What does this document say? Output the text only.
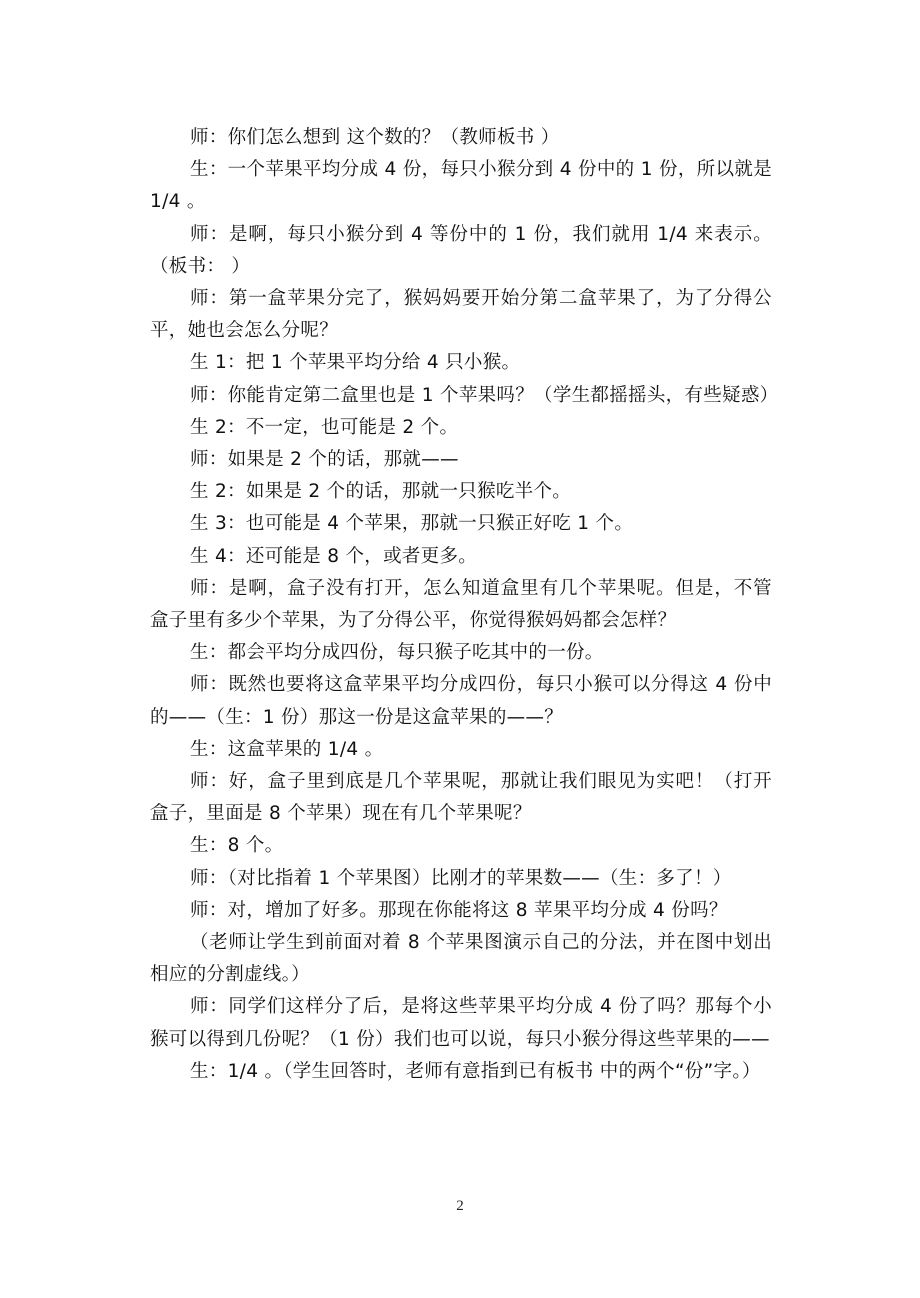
师：你们怎么想到 这个数的？（教师板书 ）

生：一个苹果平均分成 4 份，每只小猴分到 4 份中的 1 份，所以就是 1/4 。

师：是啊，每只小猴分到 4 等份中的 1 份，我们就用 1/4 来表示。（板书： ）

师：第一盒苹果分完了，猴妈妈要开始分第二盒苹果了，为了分得公平，她也会怎么分呢？

生 1：把 1 个苹果平均分给 4 只小猴。

师：你能肯定第二盒里也是 1 个苹果吗？（学生都摇摇头，有些疑惑）

生 2：不一定，也可能是 2 个。

师：如果是 2 个的话，那就——

生 2：如果是 2 个的话，那就一只猴吃半个。

生 3：也可能是 4 个苹果，那就一只猴正好吃 1 个。

生 4：还可能是 8 个，或者更多。

师：是啊，盒子没有打开，怎么知道盒里有几个苹果呢。但是，不管盒子里有多少个苹果，为了分得公平，你觉得猴妈妈都会怎样？

生：都会平均分成四份，每只猴子吃其中的一份。

师：既然也要将这盒苹果平均分成四份，每只小猴可以分得这 4 份中的——（生：1 份）那这一份是这盒苹果的——？

生：这盒苹果的 1/4 。

师：好，盒子里到底是几个苹果呢，那就让我们眼见为实吧！（打开盒子，里面是 8 个苹果）现在有几个苹果呢？

生：8 个。

师：（对比指着 1 个苹果图）比刚才的苹果数——（生：多了！）

师：对，增加了好多。那现在你能将这 8 苹果平均分成 4 份吗？

（老师让学生到前面对着 8 个苹果图演示自己的分法，并在图中划出相应的分割虚线。）

师：同学们这样分了后，是将这些苹果平均分成 4 份了吗？那每个小猴可以得到几份呢？（1 份）我们也可以说，每只小猴分得这些苹果的——

生：1/4 。（学生回答时，老师有意指到已有板书 中的两个“份”字。）

2
